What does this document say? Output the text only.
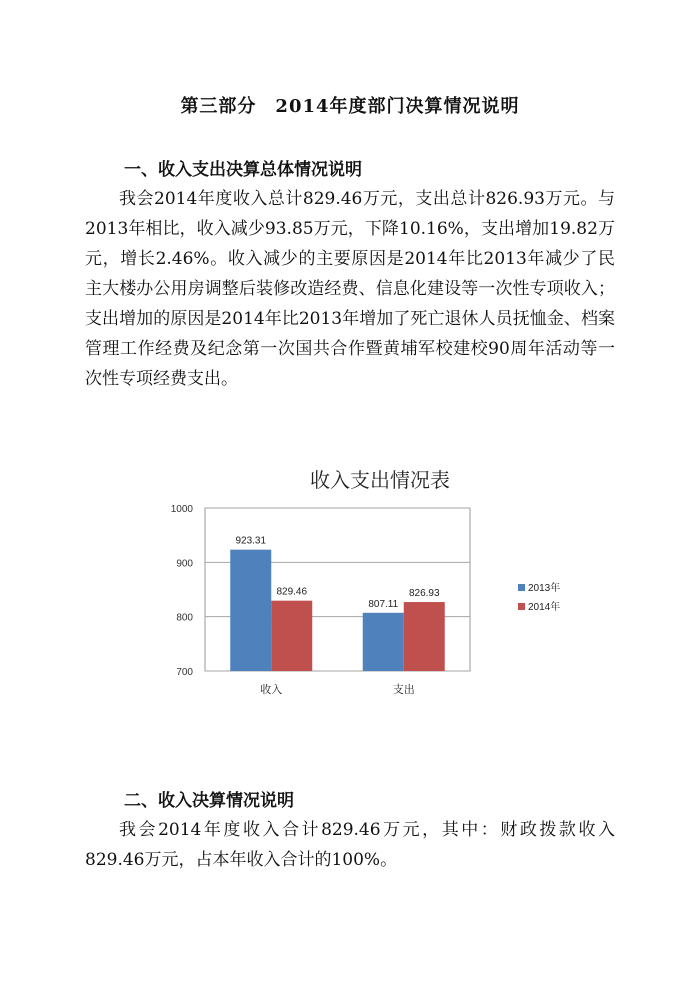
第三部分　2014年度部门决算情况说明
一、收入支出决算总体情况说明
我会2014年度收入总计829.46万元，支出总计826.93万元。与2013年相比，收入减少93.85万元，下降10.16%，支出增加19.82万元，增长2.46%。收入减少的主要原因是2014年比2013年减少了民主大楼办公用房调整后装修改造经费、信息化建设等一次性专项收入；支出增加的原因是2014年比2013年增加了死亡退休人员抚恤金、档案管理工作经费及纪念第一次国共合作暨黄埔军校建校90周年活动等一次性专项经费支出。
收入支出情况表
700
800
900
1000
923.31
829.46
收入
807.11
826.93
支出
2013年
2014年
二、收入决算情况说明
我会2014年度收入合计829.46万元，其中：财政拨款收入829.46万元，占本年收入合计的100%。
